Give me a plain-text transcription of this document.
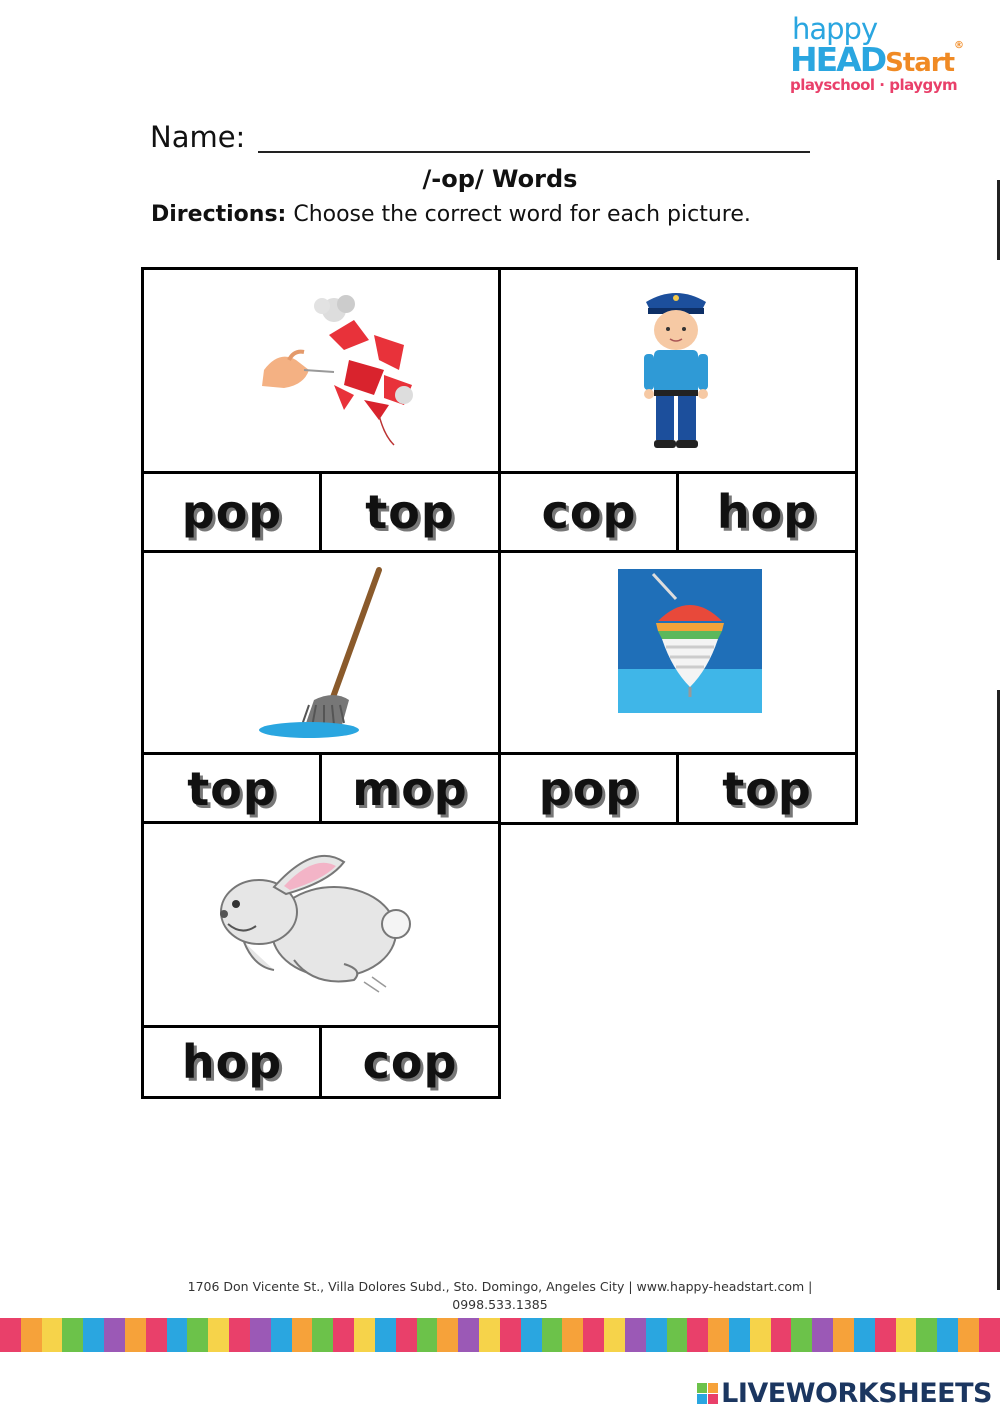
happy
HEADStart®
playschool · playgym
Name:
/-op/ Words
Directions: Choose the correct word for each picture.
pop	top	cop	hop
top	mop	pop	top
hop	cop
1706 Don Vicente St., Villa Dolores Subd., Sto. Domingo, Angeles City | www.happy-headstart.com |
0998.533.1385
LIVEWORKSHEETS
